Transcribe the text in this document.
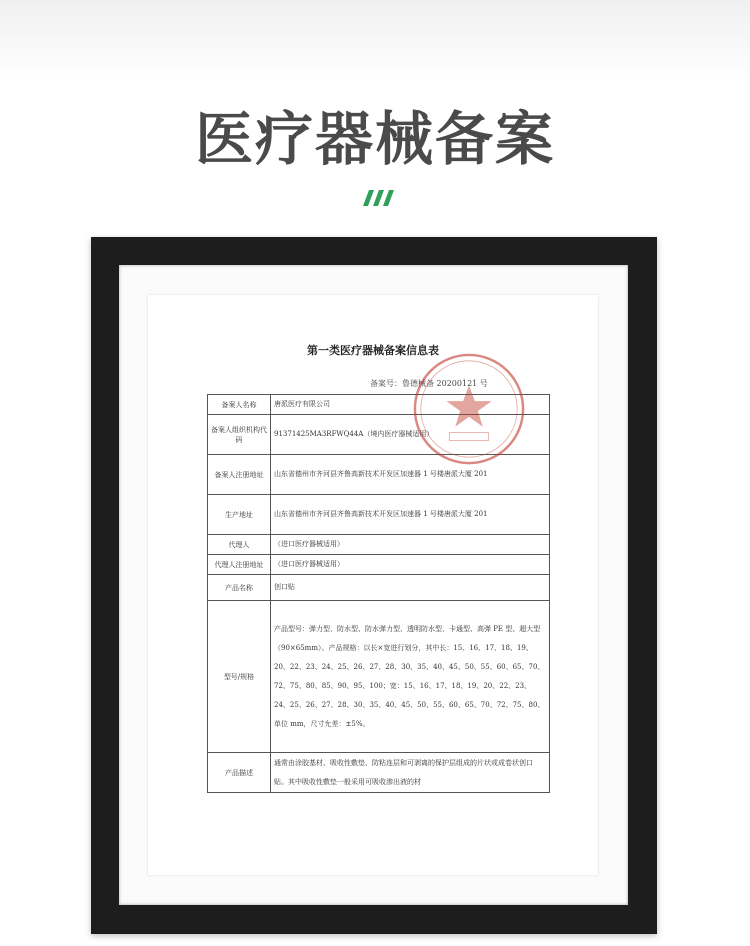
医疗器械备案
第一类医疗器械备案信息表
备案号：鲁德械备 20200121 号
备案人名称	唐派医疗有限公司
备案人组织机构代码	91371425MA3RFWQ44A（境内医疗器械适用）
备案人注册地址	山东省德州市齐河县齐鲁高新技术开发区加速器 1 号楼唐派大厦 201
生产地址	山东省德州市齐河县齐鲁高新技术开发区加速器 1 号楼唐派大厦 201
代理人	（进口医疗器械适用）
代理人注册地址	（进口医疗器械适用）
产品名称	创口贴
型号/规格	产品型号：弹力型、防水型、防水弹力型、透明防水型、卡通型、高弹 PE 型、超大型（90×65mm）。产品规格：以长×宽进行划分，其中长：15、16、17、18、19、20、22、23、24、25、26、27、28、30、35、40、45、50、55、60、65、70、72、75、80、85、90、95、100；宽：15、16、17、18、19、20、22、23、24、25、26、27、28、30、35、40、45、50、55、60、65、70、72、75、80、单位 mm，尺寸允差：±5%。
产品描述	通常由涂胶基材、吸收性敷垫、防粘连层和可剥离的保护层组成的片状或成卷状创口贴。其中吸收性敷垫一般采用可吸收渗出液的材
